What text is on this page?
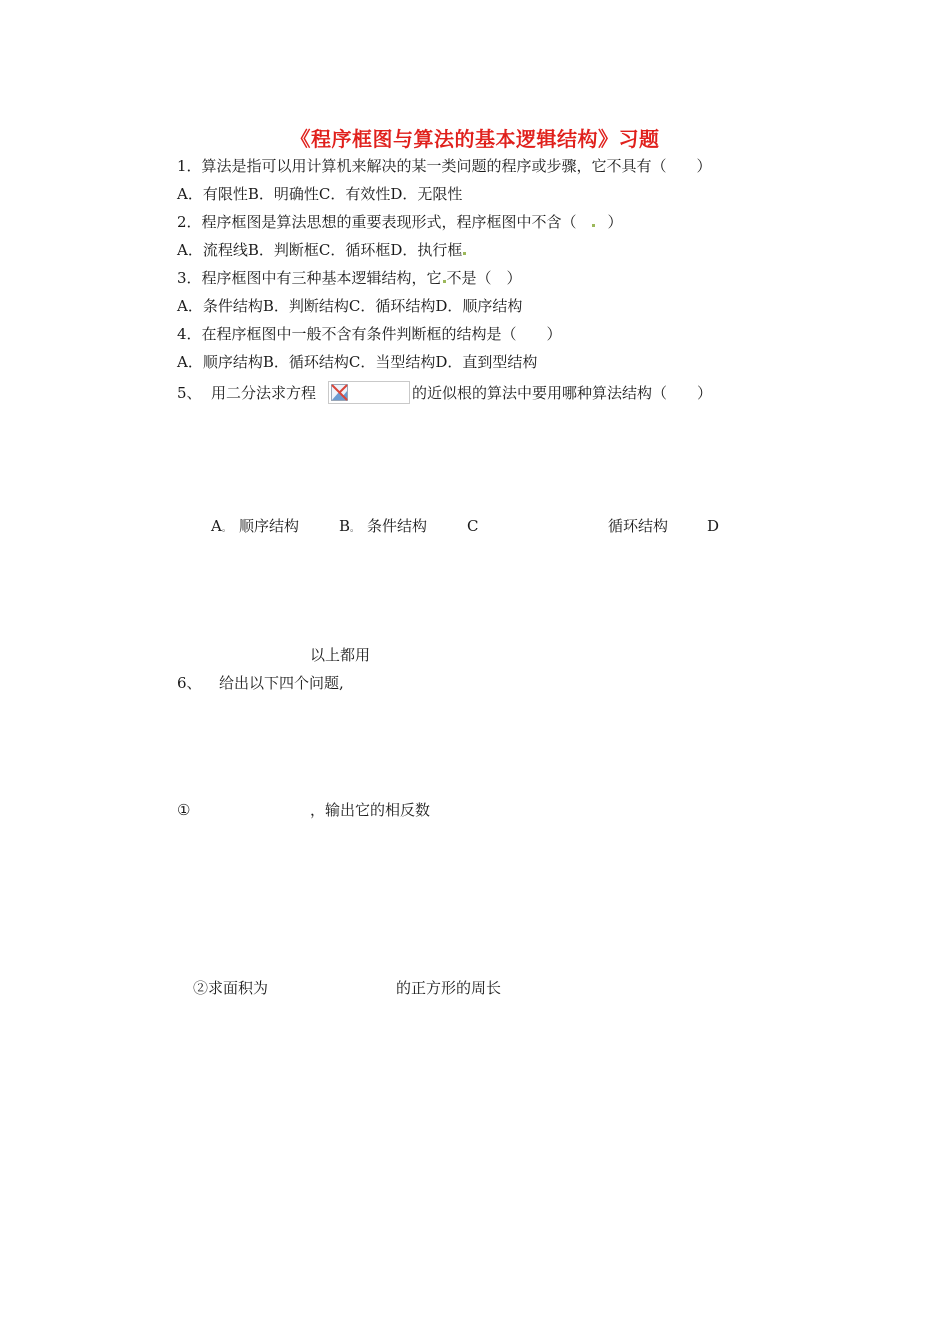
《程序框图与算法的基本逻辑结构》习题
1．算法是指可以用计算机来解决的某一类问题的程序或步骤，它不具有（　　）
A．有限性B．明确性C．有效性D．无限性
2．程序框图是算法思想的重要表现形式，程序框图中不含（ ）
A．流程线B．判断框C．循环框D．执行框
3．程序框图中有三种基本逻辑结构，它 不是（　）
A．条件结构B．判断结构C．循环结构D．顺序结构
4．在程序框图中一般不含有条件判断框的结构是（　　）
A．顺序结构B．循环结构C．当型结构D．直到型结构
5、 用二分法求方程	的近似根的算法中要用哪种算法结构（　　）
A。 顺序结构	B。 条件结构	C	循环结构	D
以上都用
6、 给出以下四个问题,
①	，输出它的相反数
②求面积为	的正方形的周长
